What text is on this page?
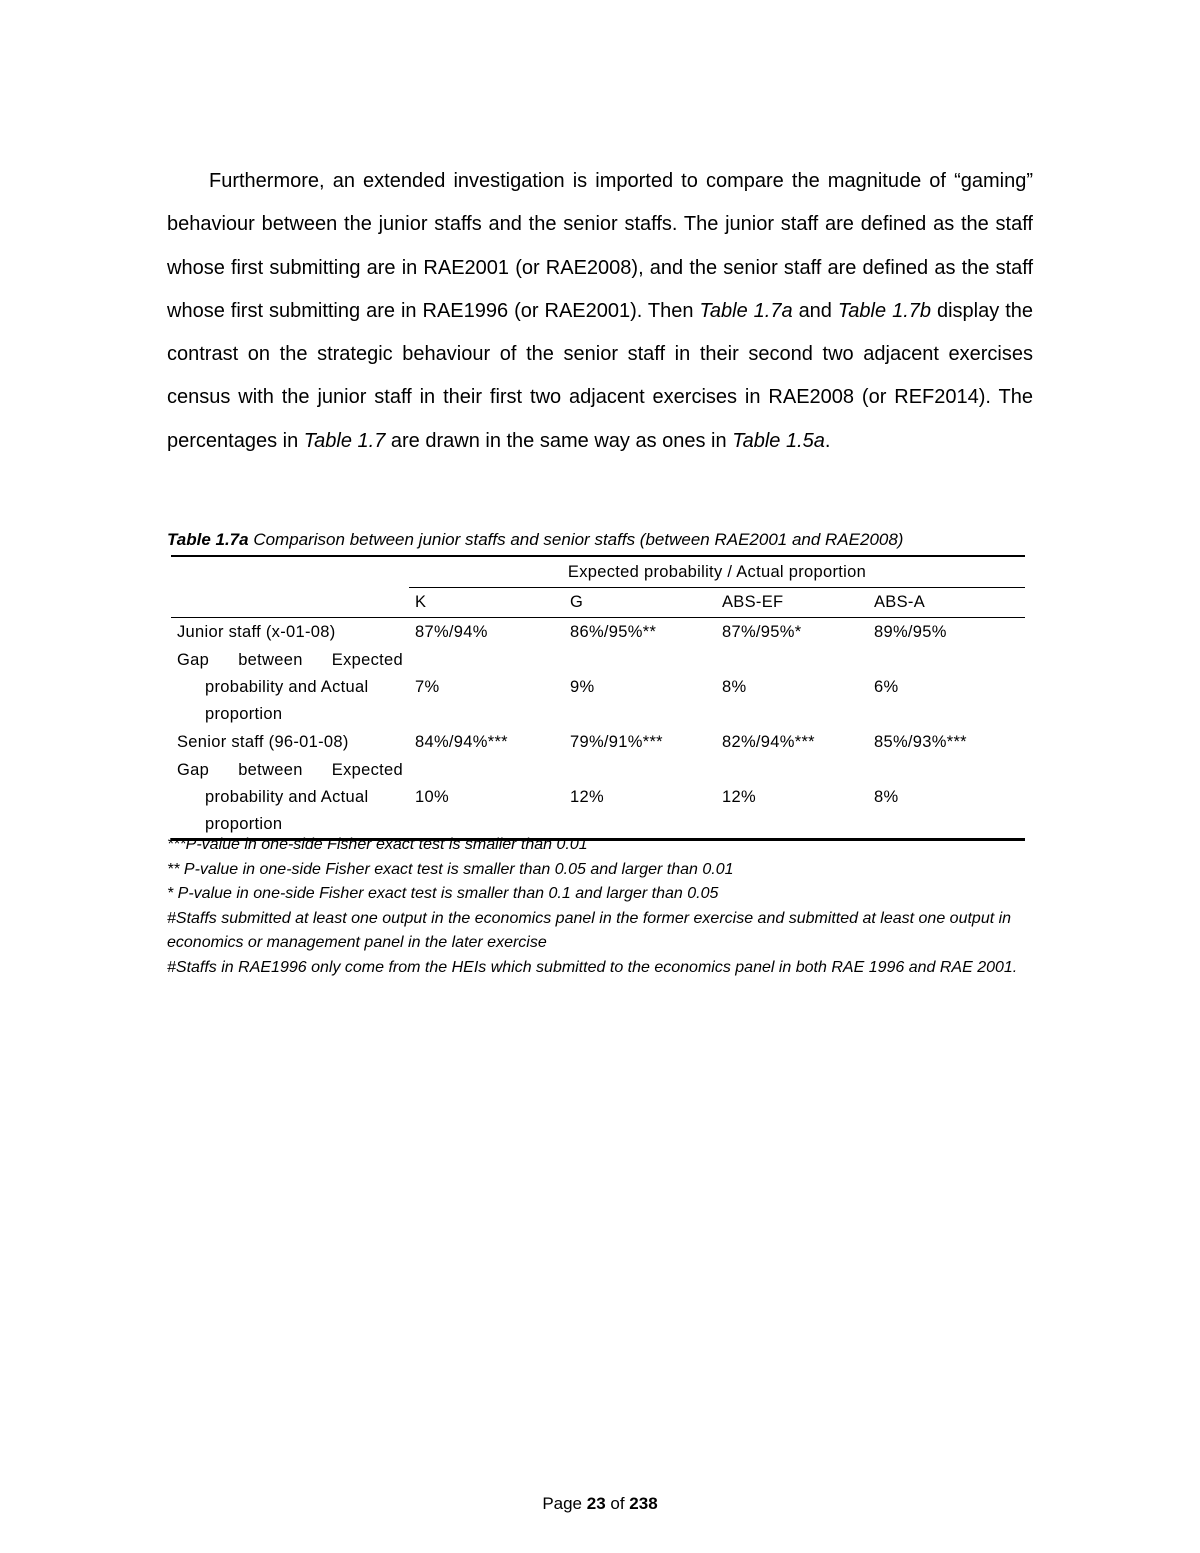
Furthermore, an extended investigation is imported to compare the magnitude of “gaming” behaviour between the junior staffs and the senior staffs. The junior staff are defined as the staff whose first submitting are in RAE2001 (or RAE2008), and the senior staff are defined as the staff whose first submitting are in RAE1996 (or RAE2001). Then Table 1.7a and Table 1.7b display the contrast on the strategic behaviour of the senior staff in their second two adjacent exercises census with the junior staff in their first two adjacent exercises in RAE2008 (or REF2014). The percentages in Table 1.7 are drawn in the same way as ones in Table 1.5a.

Table 1.7a Comparison between junior staffs and senior staffs (between RAE2001 and RAE2008)

	Expected probability / Actual proportion			
	K	G	ABS-EF	ABS-A
Junior staff (x-01-08)	87%/94%	86%/95%**	87%/95%*	89%/95%

Gap between Expected
probability and Actual
proportion	7%	9%	8%	6%
Senior staff (96-01-08)	84%/94%***	79%/91%***	82%/94%***	85%/93%***

Gap between Expected
probability and Actual
proportion	10%	12%	12%	8%

***P-value in one-side Fisher exact test is smaller than 0.01

** P-value in one-side Fisher exact test is smaller than 0.05 and larger than 0.01

* P-value in one-side Fisher exact test is smaller than 0.1 and larger than 0.05

#Staffs submitted at least one output in the economics panel in the former exercise and submitted at least one output in economics or management panel in the later exercise

#Staffs in RAE1996 only come from the HEIs which submitted to the economics panel in both RAE 1996 and RAE 2001.

Page 23 of 238
